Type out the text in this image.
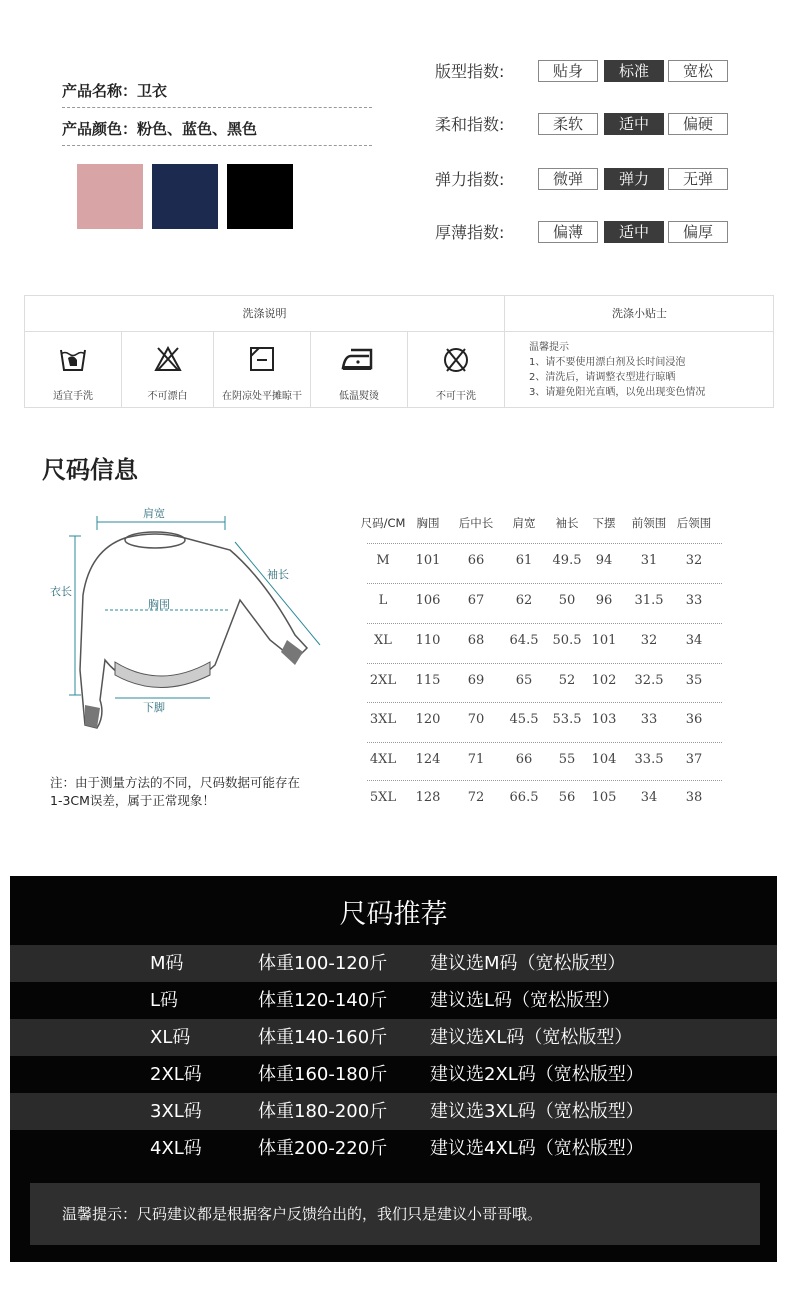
产品名称：卫衣
产品颜色：粉色、蓝色、黑色
版型指数:	贴身	标准	宽松
柔和指数:	柔软	适中	偏硬
弹力指数:	微弹	弹力	无弹
厚薄指数:	偏薄	适中	偏厚
洗涤说明	洗涤小贴士
适宜手洗	不可漂白	在阴凉处平摊晾干	低温熨烫	不可干洗
温馨提示
1、请不要使用漂白剂及长时间浸泡
2、清洗后，请调整衣型进行晾晒
3、请避免阳光直晒，以免出现变色情况
尺码信息
肩宽
衣长
袖长
胸围
下脚
注：由于测量方法的不同，尺码数据可能存在
1-3CM误差，属于正常现象！
尺码/CM 胸围 后中长 肩宽 袖长 下摆 前领围 后领围
M 101 66 61 49.5 94 31 32
L 106 67 62 50 96 31.5 33
XL 110 68 64.5 50.5 101 32 34
2XL 115 69 65 52 102 32.5 35
3XL 120 70 45.5 53.5 103 33 36
4XL 124 71 66 55 104 33.5 37
5XL 128 72 66.5 56 105 34 38
尺码推荐
M码	体重100-120斤 建议选M码（宽松版型）
L码	体重120-140斤 建议选L码（宽松版型）
XL码	体重140-160斤 建议选XL码（宽松版型）
2XL码	体重160-180斤 建议选2XL码（宽松版型）
3XL码	体重180-200斤 建议选3XL码（宽松版型）
4XL码	体重200-220斤 建议选4XL码（宽松版型）
温馨提示：尺码建议都是根据客户反馈给出的，我们只是建议小哥哥哦。
